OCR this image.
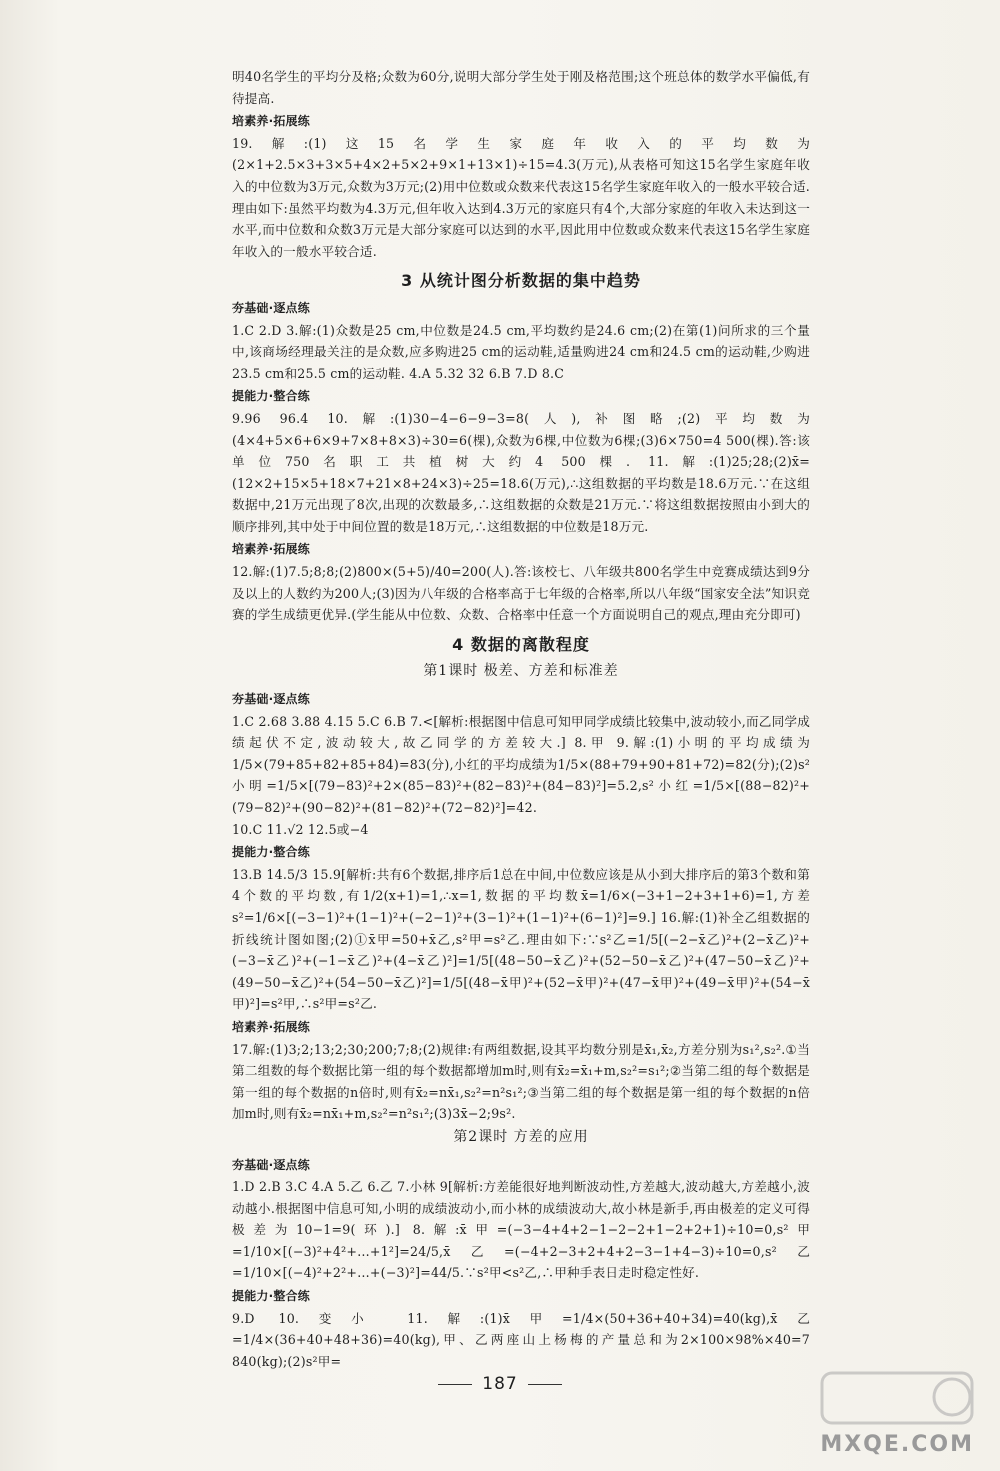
明40名学生的平均分及格;众数为60分,说明大部分学生处于刚及格范围;这个班总体的数学水平偏低,有待提高.

培素养·拓展练

19.解:(1)这15名学生家庭年收入的平均数为(2×1+2.5×3+3×5+4×2+5×2+9×1+13×1)÷15=4.3(万元),从表格可知这15名学生家庭年收入的中位数为3万元,众数为3万元;(2)用中位数或众数来代表这15名学生家庭年收入的一般水平较合适.理由如下:虽然平均数为4.3万元,但年收入达到4.3万元的家庭只有4个,大部分家庭的年收入未达到这一水平,而中位数和众数3万元是大部分家庭可以达到的水平,因此用中位数或众数来代表这15名学生家庭年收入的一般水平较合适.

3 从统计图分析数据的集中趋势

夯基础·逐点练

1.C 2.D 3.解:(1)众数是25 cm,中位数是24.5 cm,平均数约是24.6 cm;(2)在第(1)问所求的三个量中,该商场经理最关注的是众数,应多购进25 cm的运动鞋,适量购进24 cm和24.5 cm的运动鞋,少购进23.5 cm和25.5 cm的运动鞋. 4.A 5.32 32 6.B 7.D 8.C

提能力·整合练

9.96 96.4 10.解:(1)30−4−6−9−3=8(人),补图略;(2)平均数为(4×4+5×6+6×9+7×8+8×3)÷30=6(棵),众数为6棵,中位数为6棵;(3)6×750=4 500(棵).答:该单位750名职工共植树大约4 500棵. 11.解:(1)25;28;(2)x̄=(12×2+15×5+18×7+21×8+24×3)÷25=18.6(万元),∴这组数据的平均数是18.6万元.∵在这组数据中,21万元出现了8次,出现的次数最多,∴这组数据的众数是21万元.∵将这组数据按照由小到大的顺序排列,其中处于中间位置的数是18万元,∴这组数据的中位数是18万元.

培素养·拓展练

12.解:(1)7.5;8;8;(2)800×(5+5)/40=200(人).答:该校七、八年级共800名学生中竞赛成绩达到9分及以上的人数约为200人;(3)因为八年级的合格率高于七年级的合格率,所以八年级“国家安全法”知识竞赛的学生成绩更优异.(学生能从中位数、众数、合格率中任意一个方面说明自己的观点,理由充分即可)

4 数据的离散程度
第1课时 极差、方差和标准差

夯基础·逐点练

1.C 2.68 3.88 4.15 5.C 6.B 7.<[解析:根据图中信息可知甲同学成绩比较集中,波动较小,而乙同学成绩起伏不定,波动较大,故乙同学的方差较大.] 8.甲 9.解:(1)小明的平均成绩为1/5×(79+85+82+85+84)=83(分),小红的平均成绩为1/5×(88+79+90+81+72)=82(分);(2)s²小明=1/5×[(79−83)²+2×(85−83)²+(82−83)²+(84−83)²]=5.2,s²小红=1/5×[(88−82)²+(79−82)²+(90−82)²+(81−82)²+(72−82)²]=42.

10.C 11.√2 12.5或−4

提能力·整合练

13.B 14.5/3 15.9[解析:共有6个数据,排序后1总在中间,中位数应该是从小到大排序后的第3个数和第4个数的平均数,有1/2(x+1)=1,∴x=1,数据的平均数x̄=1/6×(−3+1−2+3+1+6)=1,方差s²=1/6×[(−3−1)²+(1−1)²+(−2−1)²+(3−1)²+(1−1)²+(6−1)²]=9.] 16.解:(1)补全乙组数据的折线统计图如图;(2)①x̄甲=50+x̄乙,s²甲=s²乙.理由如下:∵s²乙=1/5[(−2−x̄乙)²+(2−x̄乙)²+(−3−x̄乙)²+(−1−x̄乙)²+(4−x̄乙)²]=1/5[(48−50−x̄乙)²+(52−50−x̄乙)²+(47−50−x̄乙)²+(49−50−x̄乙)²+(54−50−x̄乙)²]=1/5[(48−x̄甲)²+(52−x̄甲)²+(47−x̄甲)²+(49−x̄甲)²+(54−x̄甲)²]=s²甲,∴s²甲=s²乙.

培素养·拓展练

17.解:(1)3;2;13;2;30;200;7;8;(2)规律:有两组数据,设其平均数分别是x̄₁,x̄₂,方差分别为s₁²,s₂².①当第二组数的每个数据比第一组的每个数据都增加m时,则有x̄₂=x̄₁+m,s₂²=s₁²;②当第二组的每个数据是第一组的每个数据的n倍时,则有x̄₂=nx̄₁,s₂²=n²s₁²;③当第二组的每个数据是第一组的每个数据的n倍加m时,则有x̄₂=nx̄₁+m,s₂²=n²s₁²;(3)3x̄−2;9s².

第2课时 方差的应用

夯基础·逐点练

1.D 2.B 3.C 4.A 5.乙 6.乙 7.小林 9[解析:方差能很好地判断波动性,方差越大,波动越大,方差越小,波动越小.根据图中信息可知,小明的成绩波动小,而小林的成绩波动大,故小林是新手,再由极差的定义可得极差为10−1=9(环).] 8.解:x̄甲=(−3−4+4+2−1−2−2+1−2+2+1)÷10=0,s²甲=1/10×[(−3)²+4²+…+1²]=24/5,x̄乙=(−4+2−3+2+4+2−3−1+4−3)÷10=0,s²乙=1/10×[(−4)²+2²+…+(−3)²]=44/5.∵s²甲<s²乙,∴甲种手表日走时稳定性好.

提能力·整合练

9.D 10.变小 11.解:(1)x̄甲=1/4×(50+36+40+34)=40(kg),x̄乙=1/4×(36+40+48+36)=40(kg),甲、乙两座山上杨梅的产量总和为2×100×98%×40=7 840(kg);(2)s²甲=

187
MXQE.COM
